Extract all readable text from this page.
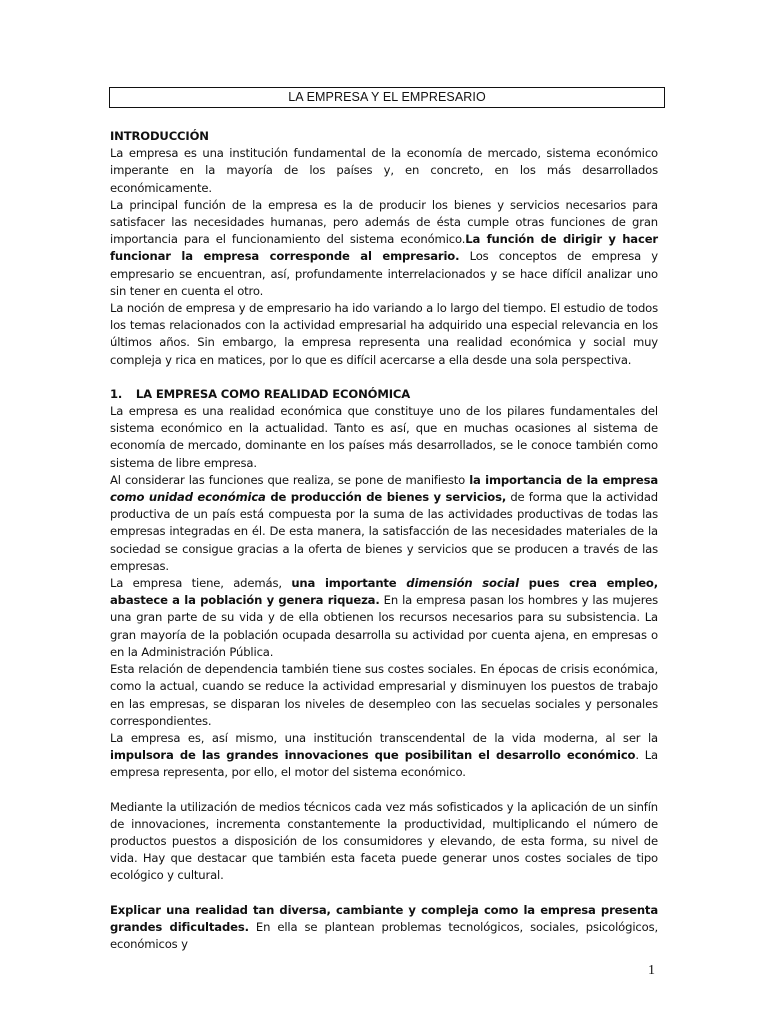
LA EMPRESA Y EL EMPRESARIO

INTRODUCCIÓN

La empresa es una institución fundamental de la economía de mercado, sistema económico imperante en la mayoría de los países y, en concreto, en los más desarrollados económicamente.

La principal función de la empresa es la de producir los bienes y servicios necesarios para satisfacer las necesidades humanas, pero además de ésta cumple otras funciones de gran importancia para el funcionamiento del sistema económico.La función de dirigir y hacer funcionar la empresa corresponde al empresario. Los conceptos de empresa y empresario se encuentran, así, profundamente interrelacionados y se hace difícil analizar uno sin tener en cuenta el otro.

La noción de empresa y de empresario ha ido variando a lo largo del tiempo. El estudio de todos los temas relacionados con la actividad empresarial ha adquirido una especial relevancia en los últimos años. Sin embargo, la empresa representa una realidad económica y social muy compleja y rica en matices, por lo que es difícil acercarse a ella desde una sola perspectiva.

1. LA EMPRESA COMO REALIDAD ECONÓMICA

La empresa es una realidad económica que constituye uno de los pilares fundamentales del sistema económico en la actualidad. Tanto es así, que en muchas ocasiones al sistema de economía de mercado, dominante en los países más desarrollados, se le conoce también como sistema de libre empresa.

Al considerar las funciones que realiza, se pone de manifiesto la importancia de la empresa como unidad económica de producción de bienes y servicios, de forma que la actividad productiva de un país está compuesta por la suma de las actividades productivas de todas las empresas integradas en él. De esta manera, la satisfacción de las necesidades materiales de la sociedad se consigue gracias a la oferta de bienes y servicios que se producen a través de las empresas.

La empresa tiene, además, una importante dimensión social pues crea empleo, abastece a la población y genera riqueza. En la empresa pasan los hombres y las mujeres una gran parte de su vida y de ella obtienen los recursos necesarios para su subsistencia. La gran mayoría de la población ocupada desarrolla su actividad por cuenta ajena, en empresas o en la Administración Pública.

Esta relación de dependencia también tiene sus costes sociales. En épocas de crisis económica, como la actual, cuando se reduce la actividad empresarial y disminuyen los puestos de trabajo en las empresas, se disparan los niveles de desempleo con las secuelas sociales y personales correspondientes.

La empresa es, así mismo, una institución transcendental de la vida moderna, al ser la impulsora de las grandes innovaciones que posibilitan el desarrollo económico. La empresa representa, por ello, el motor del sistema económico.

Mediante la utilización de medios técnicos cada vez más sofisticados y la aplicación de un sinfín de innovaciones, incrementa constantemente la productividad, multiplicando el número de productos puestos a disposición de los consumidores y elevando, de esta forma, su nivel de vida. Hay que destacar que también esta faceta puede generar unos costes sociales de tipo ecológico y cultural.

Explicar una realidad tan diversa, cambiante y compleja como la empresa presenta grandes dificultades. En ella se plantean problemas tecnológicos, sociales, psicológicos, económicos y

1
